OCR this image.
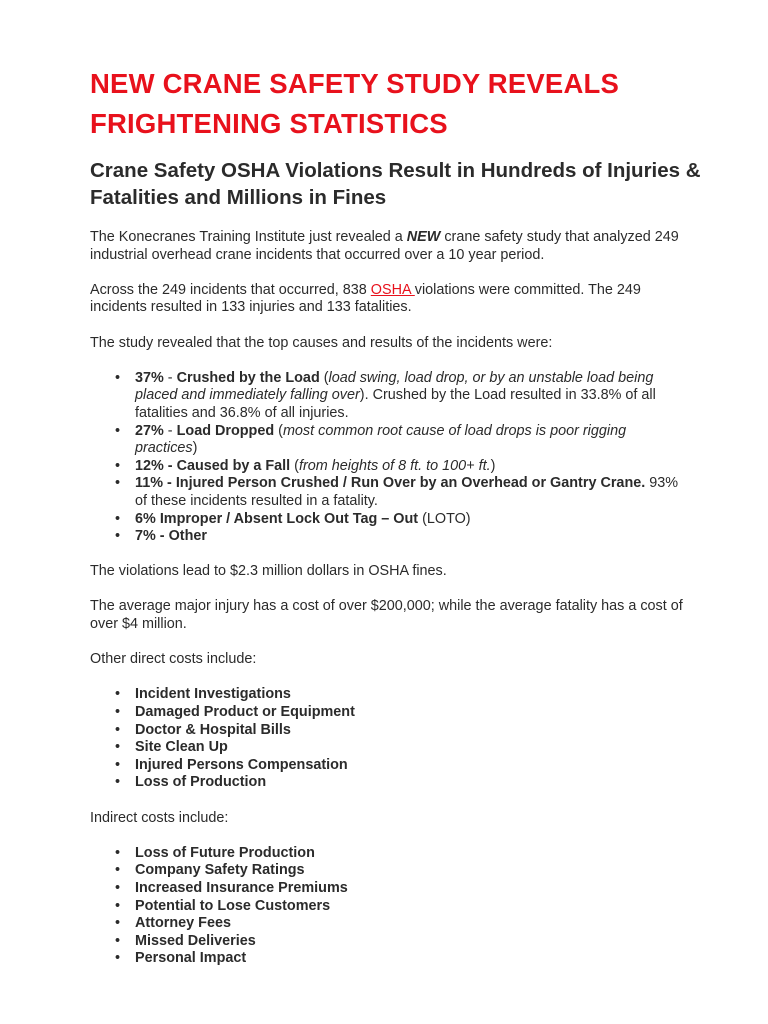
NEW CRANE SAFETY STUDY REVEALS FRIGHTENING STATISTICS
Crane Safety OSHA Violations Result in Hundreds of Injuries & Fatalities and Millions in Fines

The Konecranes Training Institute just revealed a NEW crane safety study that analyzed 249 industrial overhead crane incidents that occurred over a 10 year period.

Across the 249 incidents that occurred, 838 OSHA violations were committed. The 249 incidents resulted in 133 injuries and 133 fatalities.

The study revealed that the top causes and results of the incidents were:

• 37% - Crushed by the Load (load swing, load drop, or by an unstable load being placed and immediately falling over). Crushed by the Load resulted in 33.8% of all fatalities and 36.8% of all injuries.
• 27% - Load Dropped (most common root cause of load drops is poor rigging practices)
• 12% - Caused by a Fall (from heights of 8 ft. to 100+ ft.)
• 11% - Injured Person Crushed / Run Over by an Overhead or Gantry Crane. 93% of these incidents resulted in a fatality.
• 6% Improper / Absent Lock Out Tag – Out (LOTO)
• 7% - Other

The violations lead to $2.3 million dollars in OSHA fines.

The average major injury has a cost of over $200,000; while the average fatality has a cost of over $4 million.

Other direct costs include:

• Incident Investigations
• Damaged Product or Equipment
• Doctor & Hospital Bills
• Site Clean Up
• Injured Persons Compensation
• Loss of Production

Indirect costs include:

• Loss of Future Production
• Company Safety Ratings
• Increased Insurance Premiums
• Potential to Lose Customers
• Attorney Fees
• Missed Deliveries
• Personal Impact
